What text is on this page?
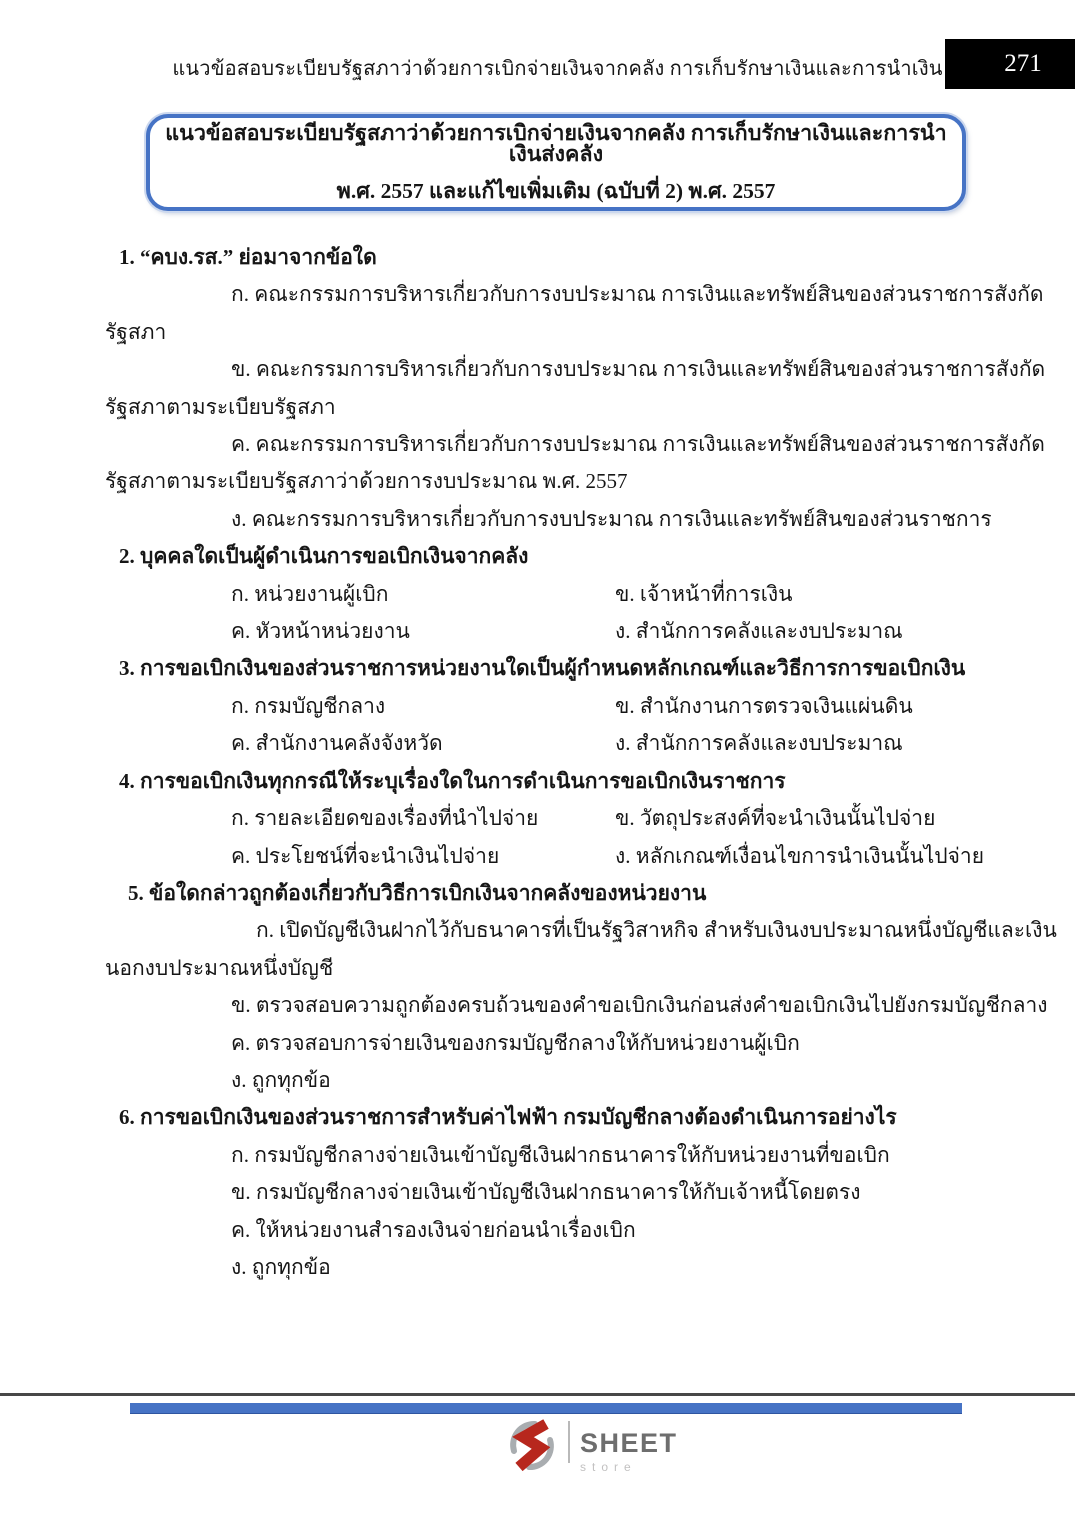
แนวข้อสอบระเบียบรัฐสภาว่าด้วยการเบิกจ่ายเงินจากคลัง การเก็บรักษาเงินและการนำเงิน	271
แนวข้อสอบระเบียบรัฐสภาว่าด้วยการเบิกจ่ายเงินจากคลัง การเก็บรักษาเงินและการนำเงินส่งคลัง
พ.ศ. 2557 และแก้ไขเพิ่มเติม (ฉบับที่ 2) พ.ศ. 2557
1. “คบง.รส.” ย่อมาจากข้อใด
ก. คณะกรรมการบริหารเกี่ยวกับการงบประมาณ การเงินและทรัพย์สินของส่วนราชการสังกัด
รัฐสภา
ข. คณะกรรมการบริหารเกี่ยวกับการงบประมาณ การเงินและทรัพย์สินของส่วนราชการสังกัด
รัฐสภาตามระเบียบรัฐสภา
ค. คณะกรรมการบริหารเกี่ยวกับการงบประมาณ การเงินและทรัพย์สินของส่วนราชการสังกัด
รัฐสภาตามระเบียบรัฐสภาว่าด้วยการงบประมาณ พ.ศ. 2557
ง. คณะกรรมการบริหารเกี่ยวกับการงบประมาณ การเงินและทรัพย์สินของส่วนราชการ
2. บุคคลใดเป็นผู้ดำเนินการขอเบิกเงินจากคลัง
ก. หน่วยงานผู้เบิก	ข. เจ้าหน้าที่การเงิน
ค. หัวหน้าหน่วยงาน	ง. สำนักการคลังและงบประมาณ
3. การขอเบิกเงินของส่วนราชการหน่วยงานใดเป็นผู้กำหนดหลักเกณฑ์และวิธีการการขอเบิกเงิน
ก. กรมบัญชีกลาง	ข. สำนักงานการตรวจเงินแผ่นดิน
ค. สำนักงานคลังจังหวัด	ง. สำนักการคลังและงบประมาณ
4. การขอเบิกเงินทุกกรณีให้ระบุเรื่องใดในการดำเนินการขอเบิกเงินราชการ
ก. รายละเอียดของเรื่องที่นำไปจ่าย	ข. วัตถุประสงค์ที่จะนำเงินนั้นไปจ่าย
ค. ประโยชน์ที่จะนำเงินไปจ่าย	ง. หลักเกณฑ์เงื่อนไขการนำเงินนั้นไปจ่าย
5. ข้อใดกล่าวถูกต้องเกี่ยวกับวิธีการเบิกเงินจากคลังของหน่วยงาน
ก. เปิดบัญชีเงินฝากไว้กับธนาคารที่เป็นรัฐวิสาหกิจ สำหรับเงินงบประมาณหนึ่งบัญชีและเงิน
นอกงบประมาณหนึ่งบัญชี
ข. ตรวจสอบความถูกต้องครบถ้วนของคำขอเบิกเงินก่อนส่งคำขอเบิกเงินไปยังกรมบัญชีกลาง
ค. ตรวจสอบการจ่ายเงินของกรมบัญชีกลางให้กับหน่วยงานผู้เบิก
ง. ถูกทุกข้อ
6. การขอเบิกเงินของส่วนราชการสำหรับค่าไฟฟ้า กรมบัญชีกลางต้องดำเนินการอย่างไร
ก. กรมบัญชีกลางจ่ายเงินเข้าบัญชีเงินฝากธนาคารให้กับหน่วยงานที่ขอเบิก
ข. กรมบัญชีกลางจ่ายเงินเข้าบัญชีเงินฝากธนาคารให้กับเจ้าหนี้โดยตรง
ค. ให้หน่วยงานสำรองเงินจ่ายก่อนนำเรื่องเบิก
ง. ถูกทุกข้อ
SHEET
store
